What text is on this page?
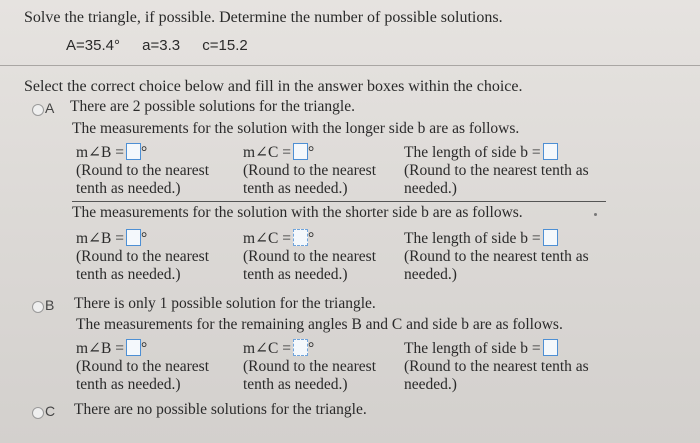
Solve the triangle, if possible. Determine the number of possible solutions.
A=35.4° a=3.3 c=15.2
Select the correct choice below and fill in the answer boxes within the choice.
A There are 2 possible solutions for the triangle.
The measurements for the solution with the longer side b are as follows.
m∠B = °
(Round to the nearest
tenth as needed.)
m∠C = °
(Round to the nearest
tenth as needed.)
The length of side b =
(Round to the nearest tenth as
needed.)
The measurements for the solution with the shorter side b are as follows.
m∠B = °
(Round to the nearest
tenth as needed.)
m∠C = °
(Round to the nearest
tenth as needed.)
The length of side b =
(Round to the nearest tenth as
needed.)
B There is only 1 possible solution for the triangle.
The measurements for the remaining angles B and C and side b are as follows.
m∠B = °
(Round to the nearest
tenth as needed.)
m∠C = °
(Round to the nearest
tenth as needed.)
The length of side b =
(Round to the nearest tenth as
needed.)
C There are no possible solutions for the triangle.
